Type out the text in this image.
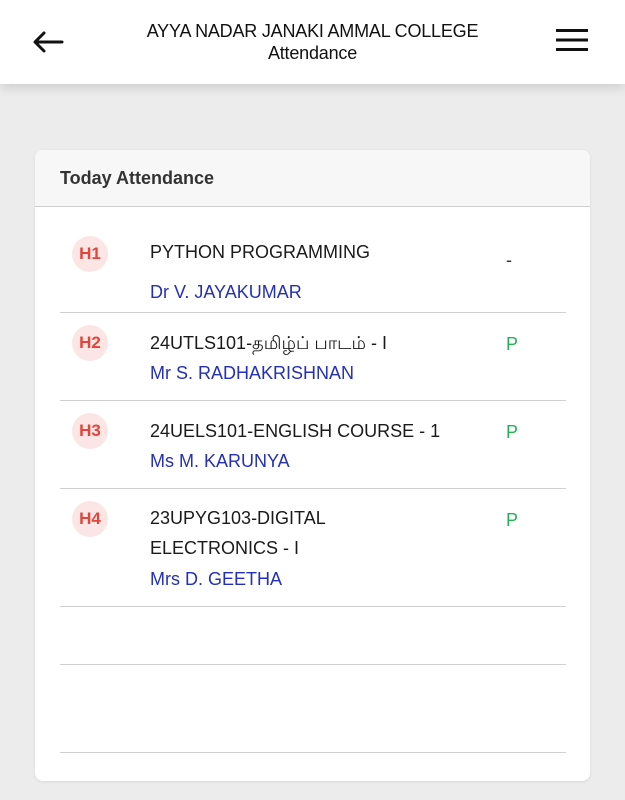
AYYA NADAR JANAKI AMMAL COLLEGE
Attendance
Today Attendance
H1	PYTHON PROGRAMMING
Dr V. JAYAKUMAR
-
H2	24UTLS101-தமிழ்ப் பாடம் - I
Mr S. RADHAKRISHNAN
P
H3	24UELS101-ENGLISH COURSE - 1
Ms M. KARUNYA
P
H4	23UPYG103-DIGITAL ELECTRONICS - I
Mrs D. GEETHA
P
